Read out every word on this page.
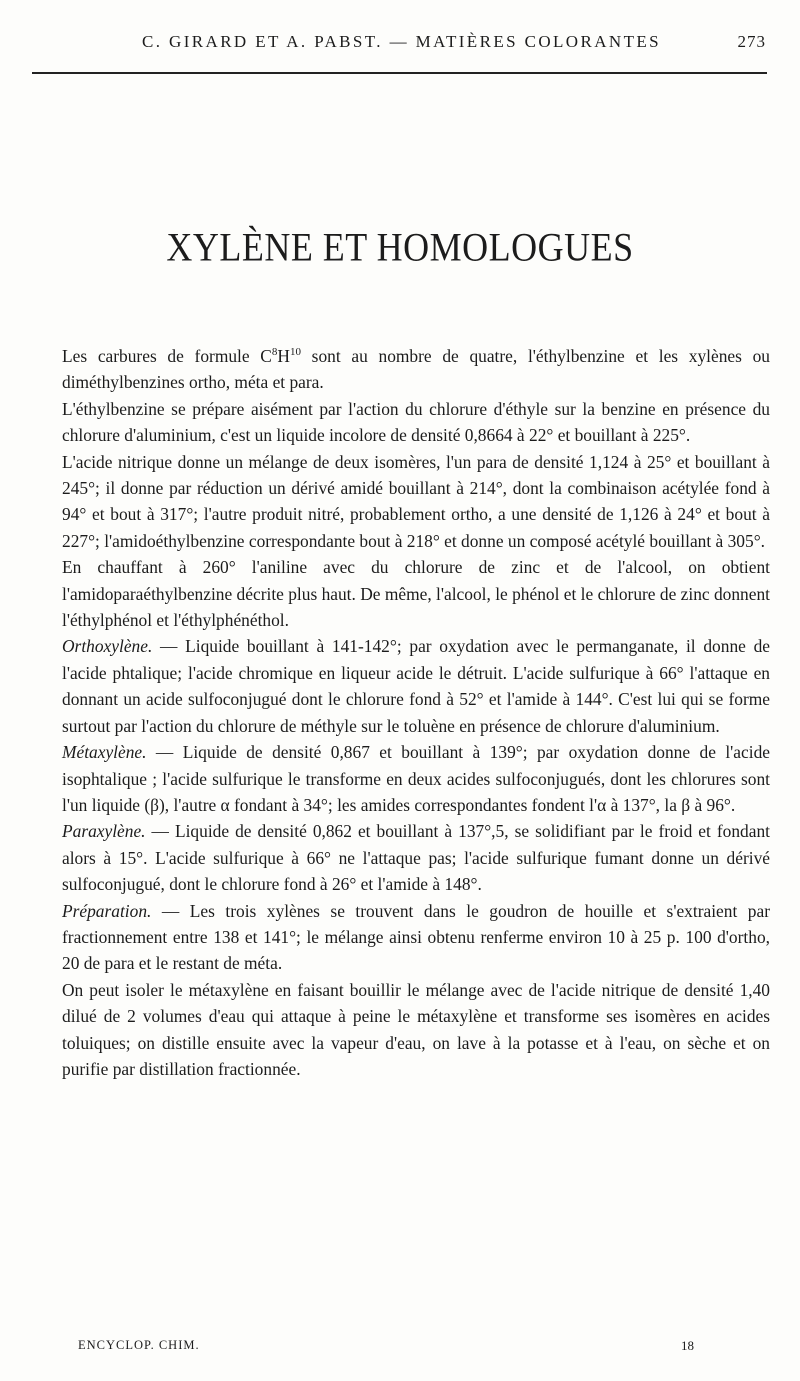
C. GIRARD ET A. PABST. — MATIÈRES COLORANTES	273
XYLÈNE ET HOMOLOGUES

Les carbures de formule $C^8H^{10}$ sont au nombre de quatre, l'éthylbenzine et les xylènes ou diméthylbenzines ortho, méta et para.

L'éthylbenzine se prépare aisément par l'action du chlorure d'éthyle sur la benzine en présence du chlorure d'aluminium, c'est un liquide incolore de densité 0,8664 à 22° et bouillant à 225°.

L'acide nitrique donne un mélange de deux isomères, l'un para de densité 1,124 à 25° et bouillant à 245°; il donne par réduction un dérivé amidé bouillant à 214°, dont la combinaison acétylée fond à 94° et bout à 317°; l'autre produit nitré, probablement ortho, a une densité de 1,126 à 24° et bout à 227°; l'amidoéthylbenzine correspondante bout à 218° et donne un composé acétylé bouillant à 305°.

En chauffant à 260° l'aniline avec du chlorure de zinc et de l'alcool, on obtient l'amidoparaéthylbenzine décrite plus haut. De même, l'alcool, le phénol et le chlorure de zinc donnent l'éthylphénol et l'éthylphénéthol.

Orthoxylène. — Liquide bouillant à 141-142°; par oxydation avec le permanganate, il donne de l'acide phtalique; l'acide chromique en liqueur acide le détruit. L'acide sulfurique à 66° l'attaque en donnant un acide sulfoconjugué dont le chlorure fond à 52° et l'amide à 144°. C'est lui qui se forme surtout par l'action du chlorure de méthyle sur le toluène en présence de chlorure d'aluminium.

Métaxylène. — Liquide de densité 0,867 et bouillant à 139°; par oxydation donne de l'acide isophtalique ; l'acide sulfurique le transforme en deux acides sulfoconjugués, dont les chlorures sont l'un liquide (β), l'autre α fondant à 34°; les amides correspondantes fondent l'α à 137°, la β à 96°.

Paraxylène. — Liquide de densité 0,862 et bouillant à 137°,5, se solidifiant par le froid et fondant alors à 15°. L'acide sulfurique à 66° ne l'attaque pas; l'acide sulfurique fumant donne un dérivé sulfoconjugué, dont le chlorure fond à 26° et l'amide à 148°.

Préparation. — Les trois xylènes se trouvent dans le goudron de houille et s'extraient par fractionnement entre 138 et 141°; le mélange ainsi obtenu renferme environ 10 à 25 p. 100 d'ortho, 20 de para et le restant de méta.

On peut isoler le métaxylène en faisant bouillir le mélange avec de l'acide nitrique de densité 1,40 dilué de 2 volumes d'eau qui attaque à peine le métaxylène et transforme ses isomères en acides toluiques; on distille ensuite avec la vapeur d'eau, on lave à la potasse et à l'eau, on sèche et on purifie par distillation fractionnée.

ENCYCLOP. CHIM.	18
